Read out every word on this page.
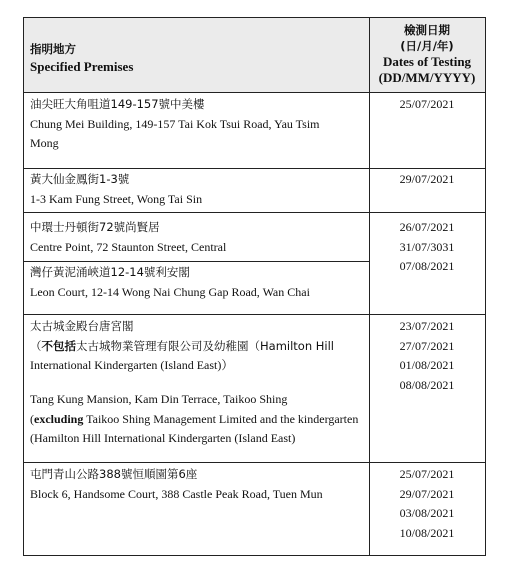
指明地方
Specified Premises
檢測日期
(日/月/年)
Dates of Testing
(DD/MM/YYYY)
油尖旺大角咀道149-157號中美樓
Chung Mei Building, 149-157 Tai Kok Tsui Road, Yau Tsim
Mong
25/07/2021
黃大仙金鳳街1-3號
1-3 Kam Fung Street, Wong Tai Sin
29/07/2021
中環士丹頓街72號尚賢居
Centre Point, 72 Staunton Street, Central
灣仔黃泥涌峽道12-14號利安閣
Leon Court, 12-14 Wong Nai Chung Gap Road, Wan Chai
26/07/2021
31/07/3031
07/08/2021
太古城金殿台唐宮閣
（不包括太古城物業管理有限公司及幼稚園（Hamilton Hill
International Kindergarten (Island East)）
Tang Kung Mansion, Kam Din Terrace, Taikoo Shing
(excluding Taikoo Shing Management Limited and the kindergarten
(Hamilton Hill International Kindergarten (Island East)
23/07/2021
27/07/2021
01/08/2021
08/08/2021
屯門青山公路388號恒順園第6座
Block 6, Handsome Court, 388 Castle Peak Road, Tuen Mun
25/07/2021
29/07/2021
03/08/2021
10/08/2021
